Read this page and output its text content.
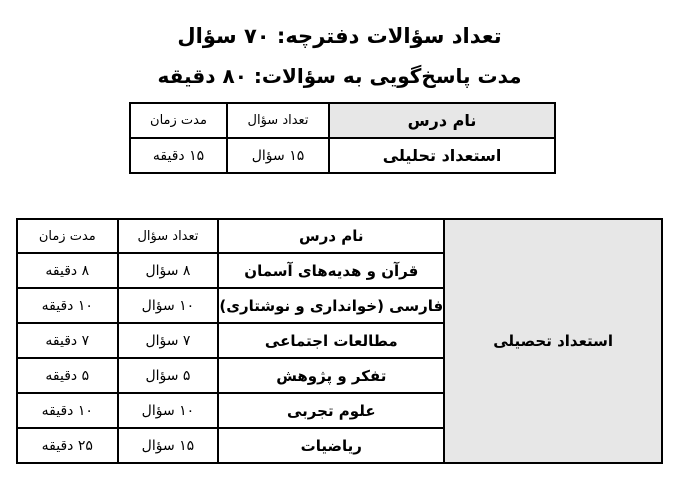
تعداد سؤالات دفترچه: ۷۰ سؤال
مدت پاسخ‌گویی به سؤالات: ۸۰ دقیقه
نام درس	تعداد سؤال	مدت زمان
استعداد تحلیلی	۱۵ سؤال	۱۵ دقیقه
استعداد تحصیلی	نام درس	تعداد سؤال	مدت زمان
	قرآن و هدیه‌های آسمان	۸ سؤال	۸ دقیقه
	فارسی (خوانداری و نوشتاری)	۱۰ سؤال	۱۰ دقیقه
	مطالعات اجتماعی	۷ سؤال	۷ دقیقه
	تفکر و پژوهش	۵ سؤال	۵ دقیقه
	علوم تجربی	۱۰ سؤال	۱۰ دقیقه
	ریاضیات	۱۵ سؤال	۲۵ دقیقه
